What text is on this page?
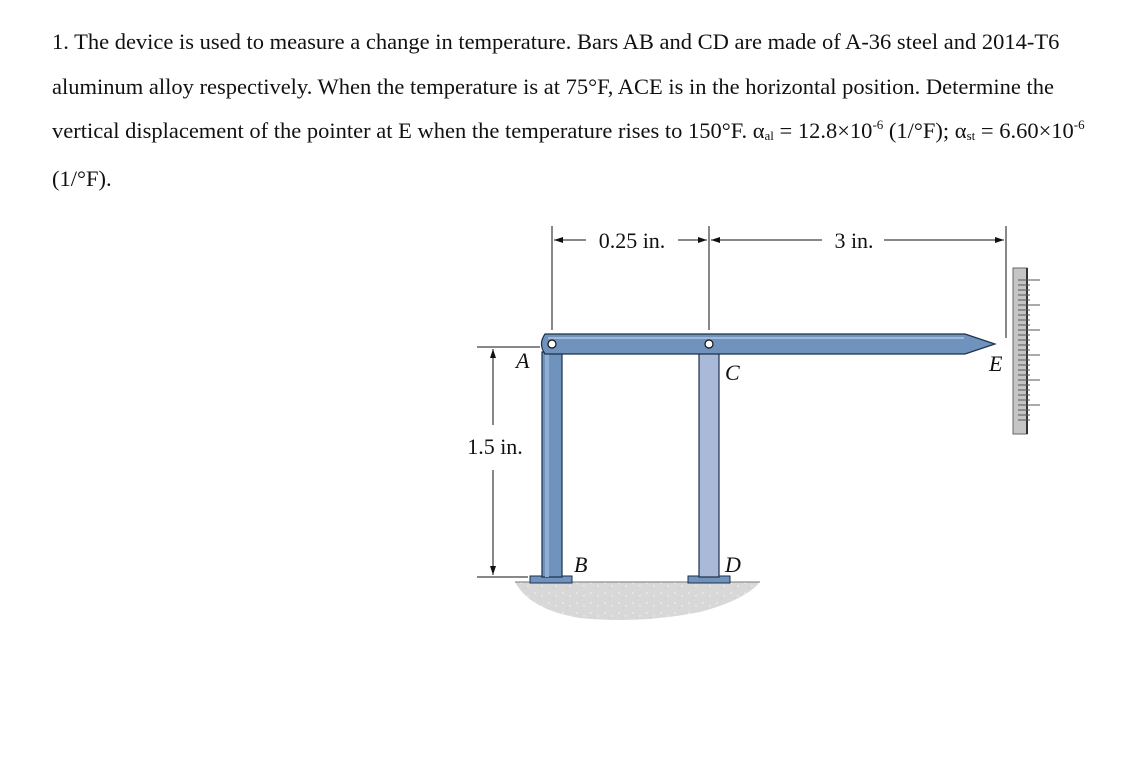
1. The device is used to measure a change in temperature. Bars AB and CD are made of A-36 steel and 2014-T6 aluminum alloy respectively. When the temperature is at 75°F, ACE is in the horizontal position. Determine the vertical displacement of the pointer at E when the temperature rises to 150°F. $\alpha_{al} = 12.8\times 10^{-6}$ (1/°F); $\alpha_{st} = 6.60\times 10^{-6}$ (1/°F).

0.25 in.	3 in.
1.5 in.
A
B
C
D
E
